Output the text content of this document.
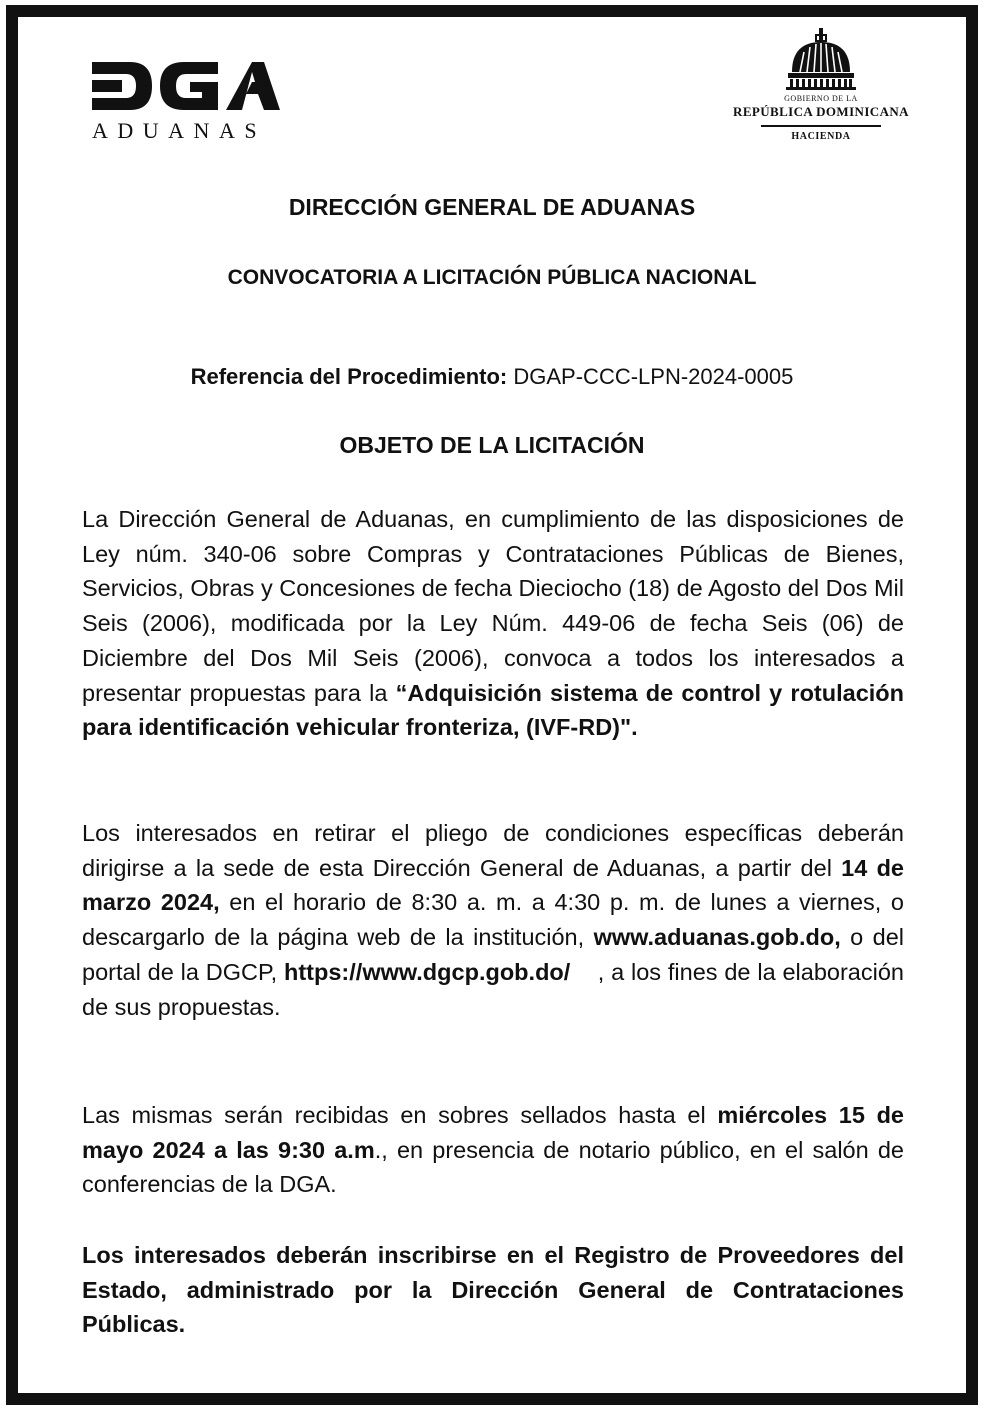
ADUANAS
GOBIERNO DE LA
REPÚBLICA DOMINICANA
HACIENDA
DIRECCIÓN GENERAL DE ADUANAS
CONVOCATORIA A LICITACIÓN PÚBLICA NACIONAL
Referencia del Procedimiento: DGAP-CCC-LPN-2024-0005
OBJETO DE LA LICITACIÓN
La Dirección General de Aduanas, en cumplimiento de las disposiciones de Ley núm. 340-06 sobre Compras y Contrataciones Públicas de Bienes, Servicios, Obras y Concesiones de fecha Dieciocho (18) de Agosto del Dos Mil Seis (2006), modificada por la Ley Núm. 449-06 de fecha Seis (06) de Diciembre del Dos Mil Seis (2006), convoca a todos los interesados a presentar propuestas para la “Adquisición sistema de control y rotulación para identificación vehicular fronteriza, (IVF-RD)".
Los interesados en retirar el pliego de condiciones específicas deberán dirigirse a la sede de esta Dirección General de Aduanas, a partir del 14 de marzo 2024, en el horario de 8:30 a. m. a 4:30 p. m. de lunes a viernes, o descargarlo de la página web de la institución, www.aduanas.gob.do, o del portal de la DGCP, https://www.dgcp.gob.do/    , a los fines de la elaboración de sus propuestas.
Las mismas serán recibidas en sobres sellados hasta el miércoles 15 de mayo 2024 a las 9:30 a.m., en presencia de notario público, en el salón de conferencias de la DGA.
Los interesados deberán inscribirse en el Registro de Proveedores del Estado, administrado por la Dirección General de Contrataciones Públicas.
